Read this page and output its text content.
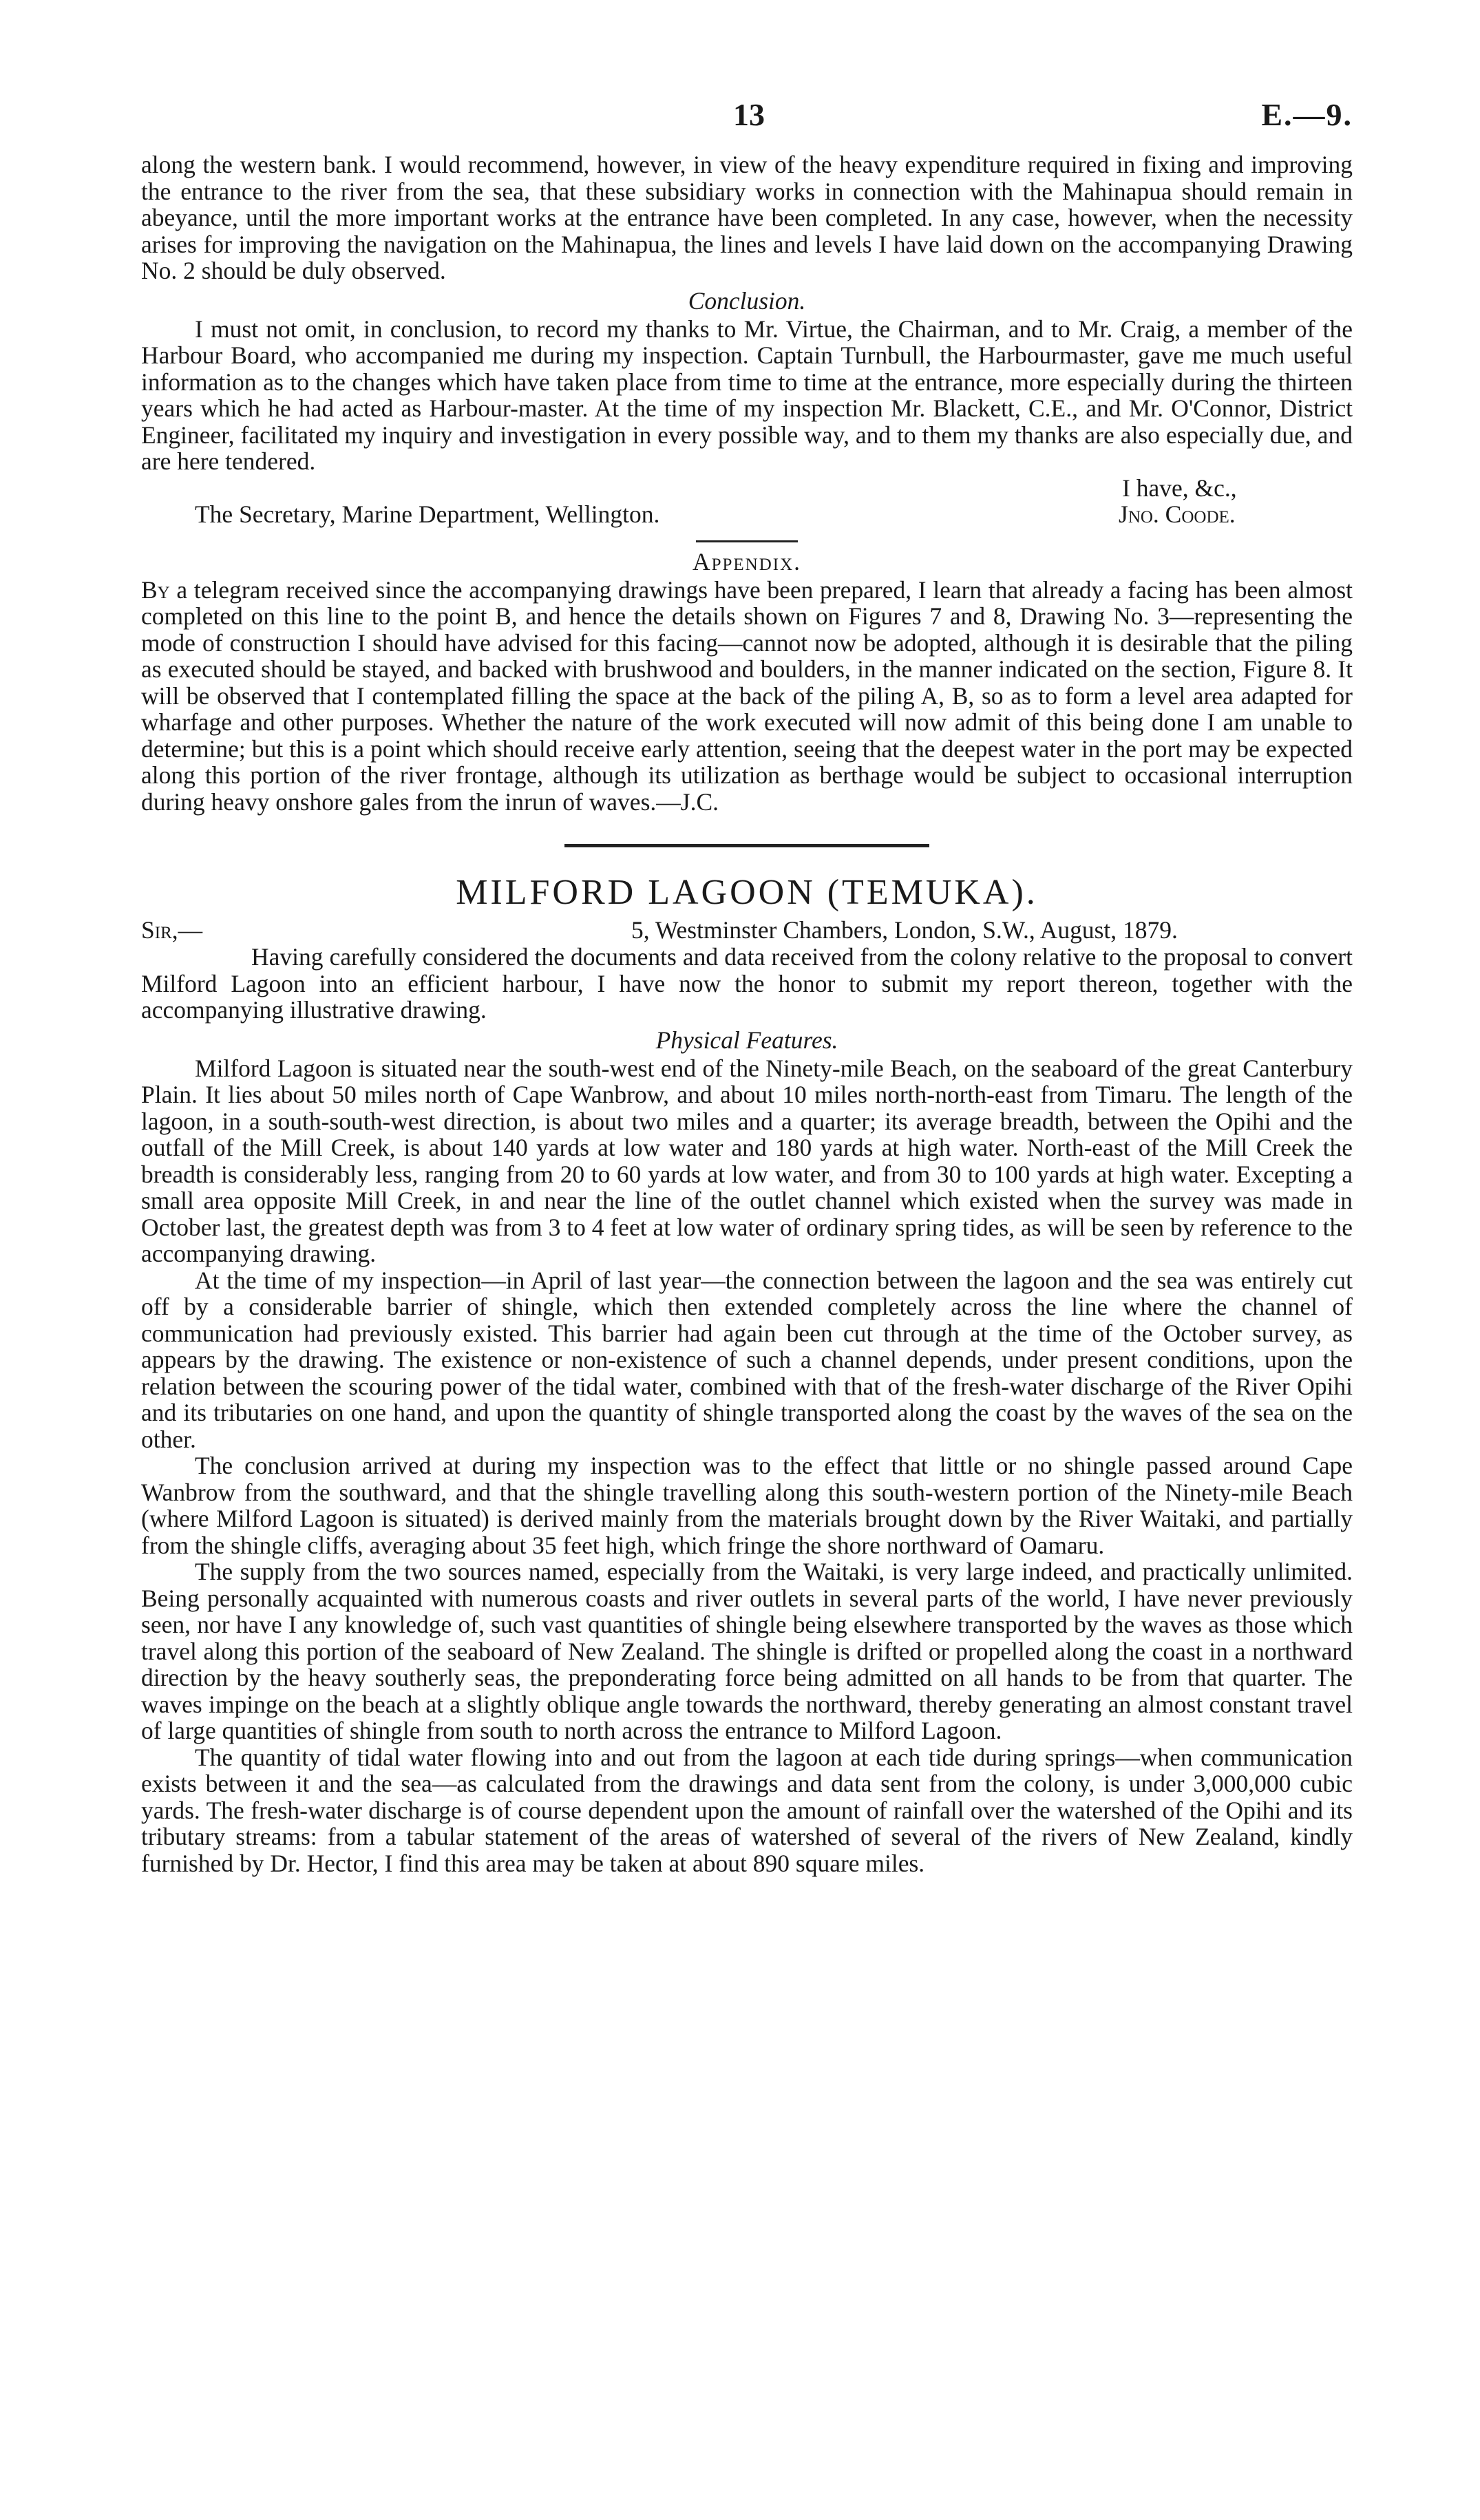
13	E.—9.

along the western bank. I would recommend, however, in view of the heavy expenditure required in fixing and improving the entrance to the river from the sea, that these subsidiary works in connection with the Mahinapua should remain in abeyance, until the more important works at the entrance have been completed. In any case, however, when the necessity arises for improving the navigation on the Mahinapua, the lines and levels I have laid down on the accompanying Drawing No. 2 should be duly observed.

Conclusion.

I must not omit, in conclusion, to record my thanks to Mr. Virtue, the Chairman, and to Mr. Craig, a member of the Harbour Board, who accompanied me during my inspection. Captain Turnbull, the Harbourmaster, gave me much useful information as to the changes which have taken place from time to time at the entrance, more especially during the thirteen years which he had acted as Harbour-master. At the time of my inspection Mr. Blackett, C.E., and Mr. O'Connor, District Engineer, facilitated my inquiry and investigation in every possible way, and to them my thanks are also especially due, and are here tendered.

I have, &c.,
The Secretary, Marine Department, Wellington.	Jno. Coode.
Appendix.

By a telegram received since the accompanying drawings have been prepared, I learn that already a facing has been almost completed on this line to the point B, and hence the details shown on Figures 7 and 8, Drawing No. 3—representing the mode of construction I should have advised for this facing—cannot now be adopted, although it is desirable that the piling as executed should be stayed, and backed with brushwood and boulders, in the manner indicated on the section, Figure 8. It will be observed that I contemplated filling the space at the back of the piling A, B, so as to form a level area adapted for wharfage and other purposes. Whether the nature of the work executed will now admit of this being done I am unable to determine; but this is a point which should receive early attention, seeing that the deepest water in the port may be expected along this portion of the river frontage, although its utilization as berthage would be subject to occasional interruption during heavy onshore gales from the inrun of waves.—J.C.

MILFORD LAGOON (TEMUKA).
Sir,—	5, Westminster Chambers, London, S.W., August, 1879.

Having carefully considered the documents and data received from the colony relative to the proposal to convert Milford Lagoon into an efficient harbour, I have now the honor to submit my report thereon, together with the accompanying illustrative drawing.

Physical Features.

Milford Lagoon is situated near the south-west end of the Ninety-mile Beach, on the seaboard of the great Canterbury Plain. It lies about 50 miles north of Cape Wanbrow, and about 10 miles north-north-east from Timaru. The length of the lagoon, in a south-south-west direction, is about two miles and a quarter; its average breadth, between the Opihi and the outfall of the Mill Creek, is about 140 yards at low water and 180 yards at high water. North-east of the Mill Creek the breadth is considerably less, ranging from 20 to 60 yards at low water, and from 30 to 100 yards at high water. Excepting a small area opposite Mill Creek, in and near the line of the outlet channel which existed when the survey was made in October last, the greatest depth was from 3 to 4 feet at low water of ordinary spring tides, as will be seen by reference to the accompanying drawing.

At the time of my inspection—in April of last year—the connection between the lagoon and the sea was entirely cut off by a considerable barrier of shingle, which then extended completely across the line where the channel of communication had previously existed. This barrier had again been cut through at the time of the October survey, as appears by the drawing. The existence or non-existence of such a channel depends, under present conditions, upon the relation between the scouring power of the tidal water, combined with that of the fresh-water discharge of the River Opihi and its tributaries on one hand, and upon the quantity of shingle transported along the coast by the waves of the sea on the other.

The conclusion arrived at during my inspection was to the effect that little or no shingle passed around Cape Wanbrow from the southward, and that the shingle travelling along this south-western portion of the Ninety-mile Beach (where Milford Lagoon is situated) is derived mainly from the materials brought down by the River Waitaki, and partially from the shingle cliffs, averaging about 35 feet high, which fringe the shore northward of Oamaru.

The supply from the two sources named, especially from the Waitaki, is very large indeed, and practically unlimited. Being personally acquainted with numerous coasts and river outlets in several parts of the world, I have never previously seen, nor have I any knowledge of, such vast quantities of shingle being elsewhere transported by the waves as those which travel along this portion of the seaboard of New Zealand. The shingle is drifted or propelled along the coast in a northward direction by the heavy southerly seas, the preponderating force being admitted on all hands to be from that quarter. The waves impinge on the beach at a slightly oblique angle towards the northward, thereby generating an almost constant travel of large quantities of shingle from south to north across the entrance to Milford Lagoon.

The quantity of tidal water flowing into and out from the lagoon at each tide during springs—when communication exists between it and the sea—as calculated from the drawings and data sent from the colony, is under 3,000,000 cubic yards. The fresh-water discharge is of course dependent upon the amount of rainfall over the watershed of the Opihi and its tributary streams: from a tabular statement of the areas of watershed of several of the rivers of New Zealand, kindly furnished by Dr. Hector, I find this area may be taken at about 890 square miles.
